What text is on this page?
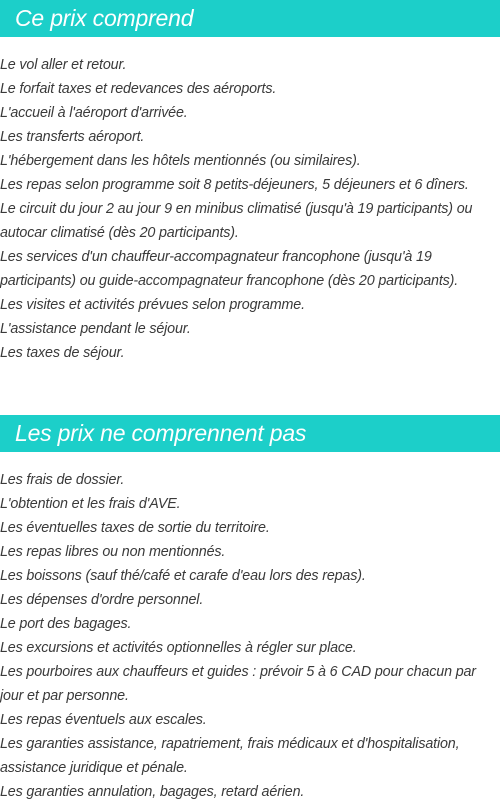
Ce prix comprend
Le vol aller et retour.
Le forfait taxes et redevances des aéroports.
L'accueil à l'aéroport d'arrivée.
Les transferts aéroport.
L'hébergement dans les hôtels mentionnés (ou similaires).
Les repas selon programme soit 8 petits-déjeuners, 5 déjeuners et 6 dîners.
Le circuit du jour 2 au jour 9 en minibus climatisé (jusqu'à 19 participants) ou autocar climatisé (dès 20 participants).
Les services d'un chauffeur-accompagnateur francophone (jusqu'à 19 participants) ou guide-accompagnateur francophone (dès 20 participants).
Les visites et activités prévues selon programme.
L'assistance pendant le séjour.
Les taxes de séjour.
Les prix ne comprennent pas
Les frais de dossier.
L'obtention et les frais d'AVE.
Les éventuelles taxes de sortie du territoire.
Les repas libres ou non mentionnés.
Les boissons (sauf thé/café et carafe d'eau lors des repas).
Les dépenses d'ordre personnel.
Le port des bagages.
Les excursions et activités optionnelles à régler sur place.
Les pourboires aux chauffeurs et guides : prévoir 5 à 6 CAD pour chacun par jour et par personne.
Les repas éventuels aux escales.
Les garanties assistance, rapatriement, frais médicaux et d'hospitalisation, assistance juridique et pénale.
Les garanties annulation, bagages, retard aérien.
